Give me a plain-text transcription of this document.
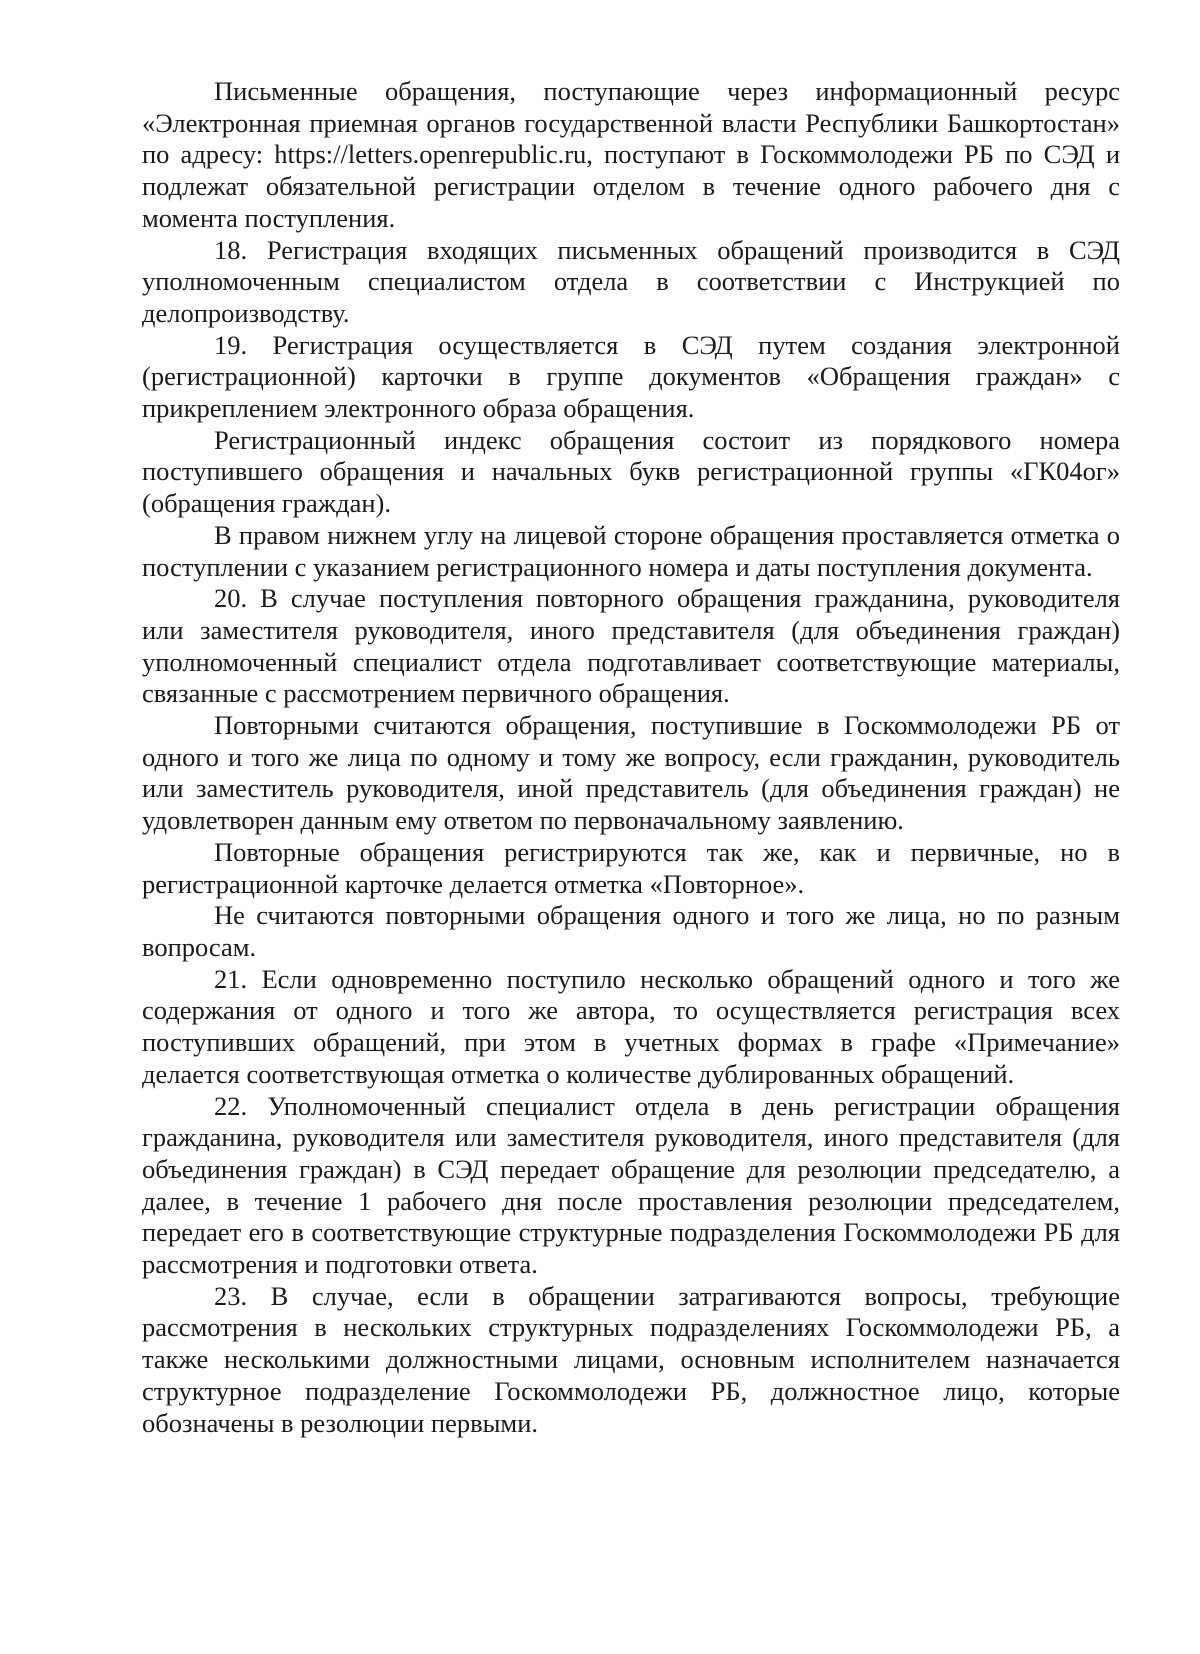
Письменные обращения, поступающие через информационный ресурс «Электронная приемная органов государственной власти Республики Башкортостан» по адресу: https://letters.openrepublic.ru, поступают в Госкоммолодежи РБ по СЭД и подлежат обязательной регистрации отделом в течение одного рабочего дня с момента поступления.

18. Регистрация входящих письменных обращений производится в СЭД уполномоченным специалистом отдела в соответствии с Инструкцией по делопроизводству.

19. Регистрация осуществляется в СЭД путем создания электронной (регистрационной) карточки в группе документов «Обращения граждан» с прикреплением электронного образа обращения.

Регистрационный индекс обращения состоит из порядкового номера поступившего обращения и начальных букв регистрационной группы «ГК04ог» (обращения граждан).

В правом нижнем углу на лицевой стороне обращения проставляется отметка о поступлении с указанием регистрационного номера и даты поступления документа.

20. В случае поступления повторного обращения гражданина, руководителя или заместителя руководителя, иного представителя (для объединения граждан) уполномоченный специалист отдела подготавливает соответствующие материалы, связанные с рассмотрением первичного обращения.

Повторными считаются обращения, поступившие в Госкоммолодежи РБ от одного и того же лица по одному и тому же вопросу, если гражданин, руководитель или заместитель руководителя, иной представитель (для объединения граждан) не удовлетворен данным ему ответом по первоначальному заявлению.

Повторные обращения регистрируются так же, как и первичные, но в регистрационной карточке делается отметка «Повторное».

Не считаются повторными обращения одного и того же лица, но по разным вопросам.

21. Если одновременно поступило несколько обращений одного и того же содержания от одного и того же автора, то осуществляется регистрация всех поступивших обращений, при этом в учетных формах в графе «Примечание» делается соответствующая отметка о количестве дублированных обращений.

22. Уполномоченный специалист отдела в день регистрации обращения гражданина, руководителя или заместителя руководителя, иного представителя (для объединения граждан) в СЭД передает обращение для резолюции председателю, а далее, в течение 1 рабочего дня после проставления резолюции председателем, передает его в соответствующие структурные подразделения Госкоммолодежи РБ для рассмотрения и подготовки ответа.

23. В случае, если в обращении затрагиваются вопросы, требующие рассмотрения в нескольких структурных подразделениях Госкоммолодежи РБ, а также несколькими должностными лицами, основным исполнителем назначается структурное подразделение Госкоммолодежи РБ, должностное лицо, которые обозначены в резолюции первыми.
